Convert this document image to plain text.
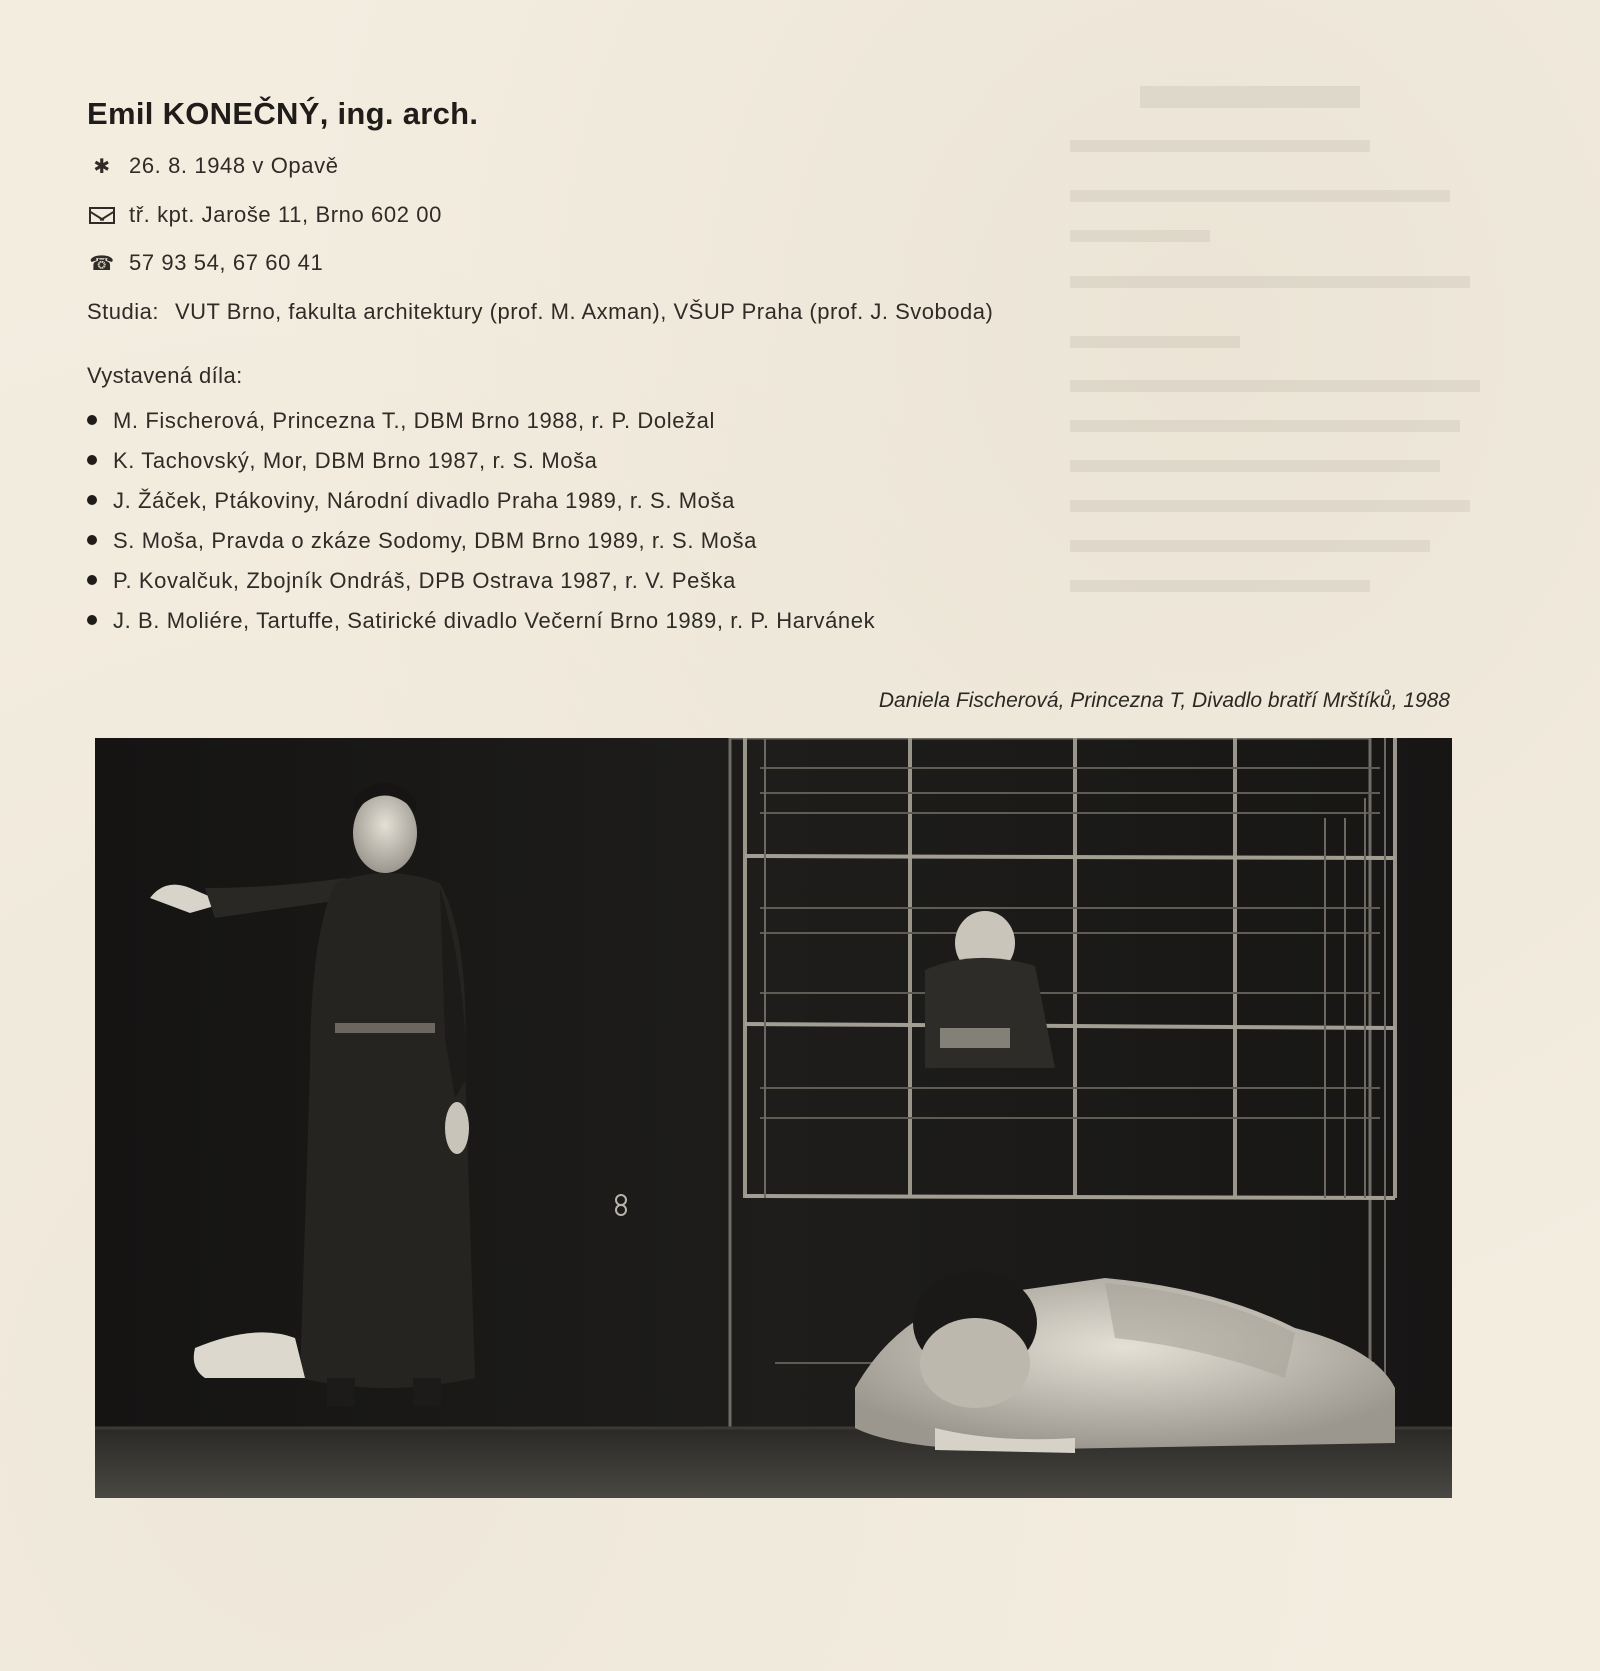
Emil KONEČNÝ, ing. arch.
✱ 26. 8. 1948 v Opavě
tř. kpt. Jaroše 11, Brno 602 00
☎ 57 93 54, 67 60 41
Studia: VUT Brno, fakulta architektury (prof. M. Axman), VŠUP Praha (prof. J. Svoboda)
Vystavená díla:
M. Fischerová, Princezna T., DBM Brno 1988, r. P. Doležal
K. Tachovský, Mor, DBM Brno 1987, r. S. Moša
J. Žáček, Ptákoviny, Národní divadlo Praha 1989, r. S. Moša
S. Moša, Pravda o zkáze Sodomy, DBM Brno 1989, r. S. Moša
P. Kovalčuk, Zbojník Ondráš, DPB Ostrava 1987, r. V. Peška
J. B. Moliére, Tartuffe, Satirické divadlo Večerní Brno 1989, r. P. Harvánek
Daniela Fischerová, Princezna T, Divadlo bratří Mrštíků, 1988
